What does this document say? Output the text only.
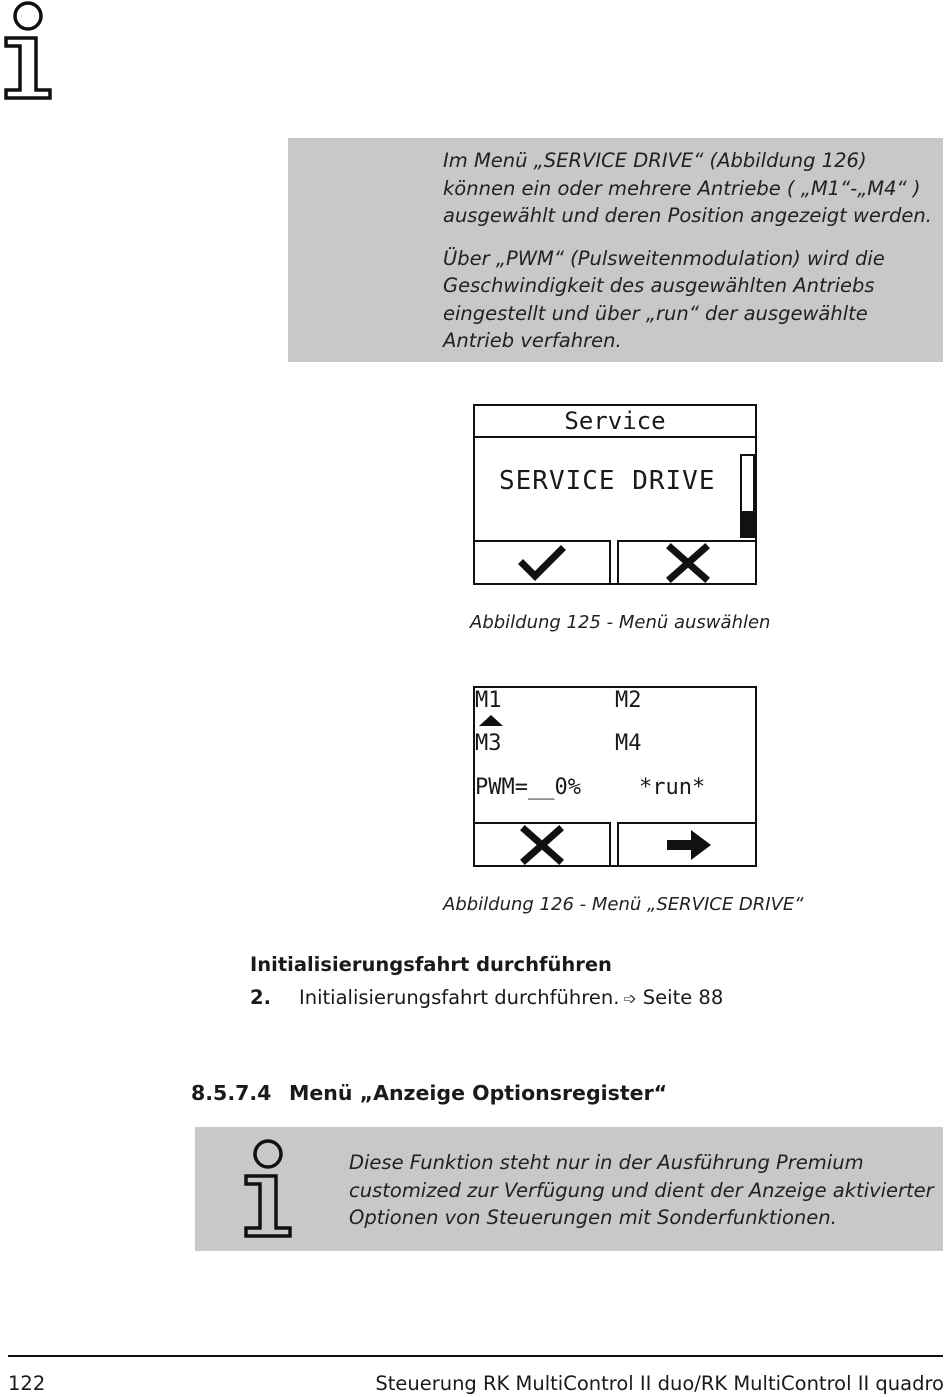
Im Menü „SERVICE DRIVE“ (Abbildung 126) können ein oder mehrere Antriebe ( „M1“-„M4“ ) ausgewählt und deren Position angezeigt werden.

Über „PWM“ (Pulsweitenmodulation) wird die Geschwindigkeit des ausgewählten Antriebs eingestellt und über „run“ der ausgewählte Antrieb verfahren.

Service
SERVICE DRIVE
Abbildung 125 - Menü auswählen
M1	M2
M3	M4
PWM=__0%	*run*
Abbildung 126 - Menü „SERVICE DRIVE“
Initialisierungsfahrt durchführen
2. Initialisierungsfahrt durchführen. ➩ Seite 88
8.5.7.4 Menü „Anzeige Optionsregister“

Diese Funktion steht nur in der Ausführung Premium customized zur Verfügung und dient der Anzeige aktivierter Optionen von Steuerungen mit Sonderfunktionen.

122	Steuerung RK MultiControl II duo/RK MultiControl II quadro
